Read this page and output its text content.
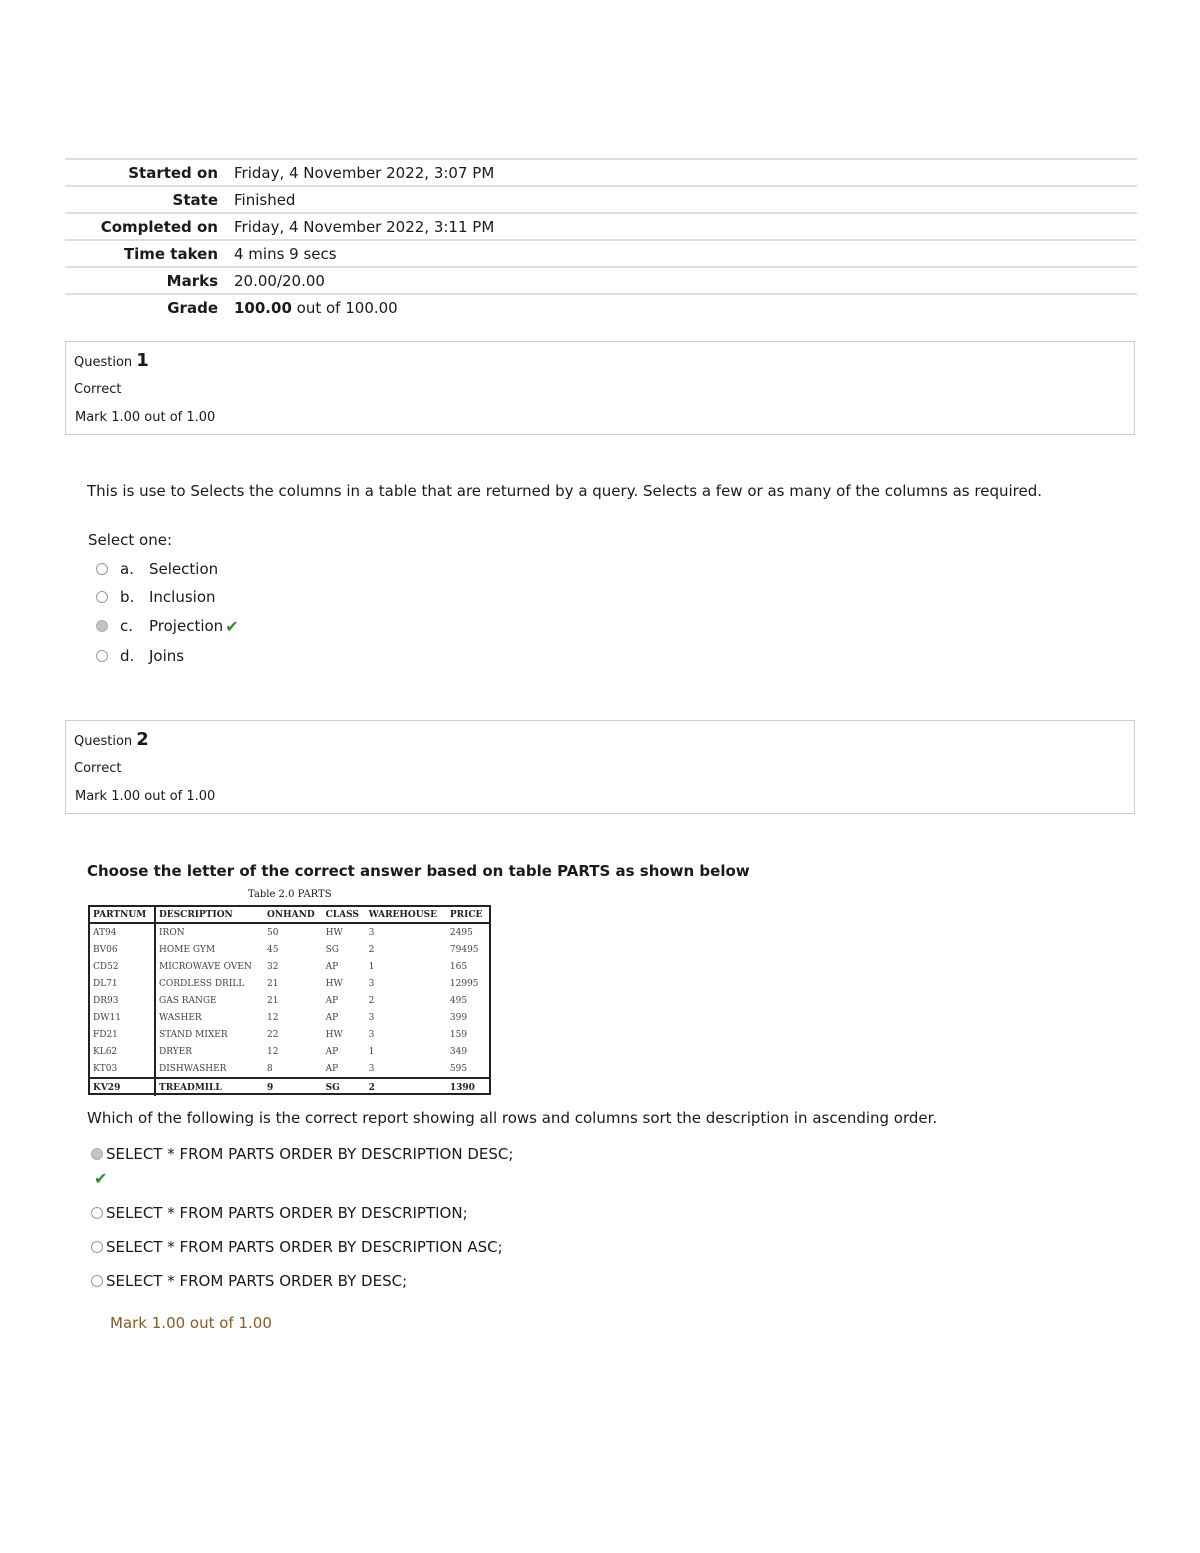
Started on	Friday, 4 November 2022, 3:07 PM
State	Finished
Completed on	Friday, 4 November 2022, 3:11 PM
Time taken	4 mins 9 secs
Marks	20.00/20.00
Grade	100.00 out of 100.00
Question 1
Correct
Mark 1.00 out of 1.00
This is use to Selects the columns in a table that are returned by a query. Selects a few or as many of the columns as required.
Select one:
a.	Selection
b. Inclusion
c.	Projection ✔
d. Joins
Question 2
Correct
Mark 1.00 out of 1.00
Choose the letter of the correct answer based on table PARTS as shown below
Table 2.0 PARTS
PARTNUM	DESCRIPTION	ONHAND	CLASS	WAREHOUSE	PRICE
AT94	IRON	50	HW	3	2495
BV06	HOME GYM	45	SG	2	79495
CD52	MICROWAVE OVEN	32	AP	1	165
DL71	CORDLESS DRILL	21	HW	3	12995
DR93	GAS RANGE	21	AP	2	495
DW11	WASHER	12	AP	3	399
FD21	STAND MIXER	22	HW	3	159
KL62	DRYER	12	AP	1	349
KT03	DISHWASHER	8	AP	3	595
KV29	TREADMILL	9	SG	2	1390
Which of the following is the correct report showing all rows and columns sort the description in ascending order.
SELECT * FROM PARTS ORDER BY DESCRIPTION DESC;
✔
SELECT * FROM PARTS ORDER BY DESCRIPTION;
SELECT * FROM PARTS ORDER BY DESCRIPTION ASC;
SELECT * FROM PARTS ORDER BY DESC;
Mark 1.00 out of 1.00
